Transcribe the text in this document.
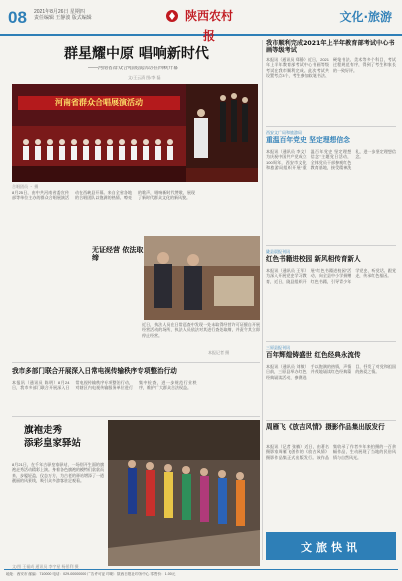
08 2021年8月26日 星期四
责任编辑 王静波 版式编辑	陕西农村报
文化·旅游
群星耀中原 唱响新时代
——河南省群众合唱展演活动在西峡开幕
文/王云清 图/李 磊
河南省群众合唱展演活动
合唱团员 ・ 摄
8月25日，由中共河南省委宣传部等单位主办的群众合唱展演活动在西峡县开幕。来自全省各地的合唱团队以饱满的热情、嘹亮的歌声，唱响新时代赞歌，展现了新时代群众文化的新风貌。
我市顺利完成2021年上半年教育部考试中心书画等级考试
本报讯（通讯员 郑静）近日，2021年上半年教育部考试中心书画等级考试在我市顺利完成。此次考试共设置考点3个，考生参加软笔书法、硬笔书法、美术等多个科目，考试过程规范有序，得到了考生和家长的一致好评。
西安文广局和旅游局
重温百年党史 坚定理想信念
本报讯（通讯员 李文）为庆祝中国共产党成立100周年，西安市文化和旅游局组织开展“重温百年党史 坚定理想信念”主题党日活动，全体党员干部参观红色教育基地，接受精神洗礼，进一步坚定理想信念。
无证经营 依法取缔
近日，执法人员在日常巡查中发现一处未取得经营许可证擅自开展经营活动的场所，执法人员依法对其进行查处取缔，并责令其立即停止经营。
本报记者 摄
陇县晨报刊讯
红色书籍进校园 新风相传育新人
本报讯（通讯员 王军）为深入开展党史学习教育，近日，陇县组织开展“红色书籍进校园”活动，向全县中小学捐赠红色书籍，引导青少年学党史、听党话、跟党走，传承红色基因。
三原县报刊讯
百年辉煌铸盛世 红色经典永流传
本报讯（通讯员 刘敏）日前，三原县举办红色经典诵读活动，参赛选手以饱满的热情，声情并茂地诵读红色经典篇目，抒发了对党和祖国的热爱之情。
我市多部门联合开展深入日常电视传输秩序专项整治行动
本报讯（通讯员 陈明）8月24日，我市多部门联合开展深入日常电视传输秩序专项整治行动，对辖区内电视传输服务单位进行集中检查，进一步规范行业秩序，维护广大群众合法权益。
旗袍走秀
添彩皇家驿站
8月21日，在千年古驿皇家驿站，一场别开生面的旗袍走秀活动精彩上演。身着各色旗袍的模特们款款而来，步履轻盈，仪态万方，为古老的驿站增添了一道靓丽的风景线，吸引众多游客驻足观看。
文/图 王福成 通讯员 李宇星 杨景利 摄
周雁飞《放吉风情》摄影作品集出版发行
本报讯（记者 张楠）近日，由著名摄影家周雁飞创作的《放吉风情》摄影作品集正式出版发行。该作品集收录了作者多年来拍摄的一百余幅作品，生动展现了当地的民俗风情与自然风光。
文旅快讯
地址：西安市 邮编：710000 电话：029-00000000 广告许可证 印刷：陕西日报社印务中心 零售价：1.00元
